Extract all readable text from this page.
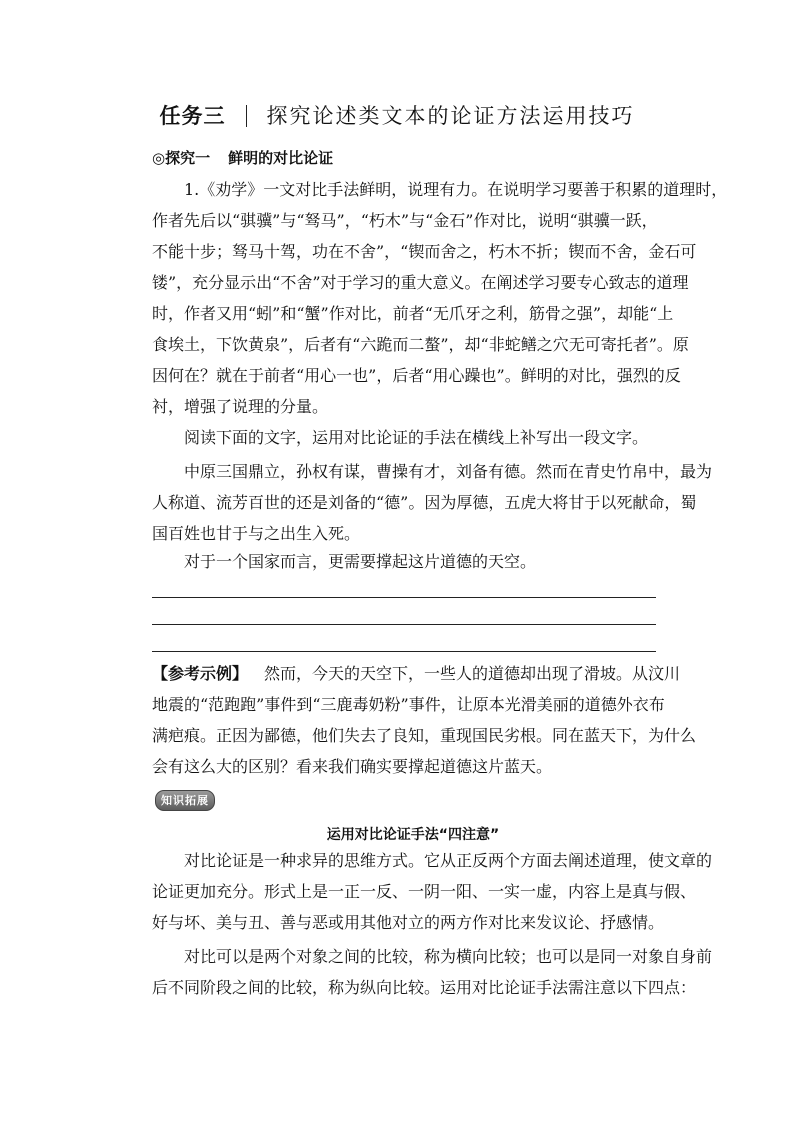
任务三 探究论述类文本的论证方法运用技巧
◎探究一 鲜明的对比论证

1.《劝学》一文对比手法鲜明，说理有力。在说明学习要善于积累的道理时，
作者先后以“骐骥”与“驽马”，“朽木”与“金石”作对比，说明“骐骥一跃，
不能十步；驽马十驾，功在不舍”，“锲而舍之，朽木不折；锲而不舍，金石可
镂”，充分显示出“不舍”对于学习的重大意义。在阐述学习要专心致志的道理
时，作者又用“蚓”和“蟹”作对比，前者“无爪牙之利，筋骨之强”，却能“上
食埃土，下饮黄泉”，后者有“六跪而二螯”，却“非蛇鳝之穴无可寄托者”。原
因何在？就在于前者“用心一也”，后者“用心躁也”。鲜明的对比，强烈的反
衬，增强了说理的分量。

阅读下面的文字，运用对比论证的手法在横线上补写出一段文字。

中原三国鼎立，孙权有谋，曹操有才，刘备有德。然而在青史竹帛中，最为
人称道、流芳百世的还是刘备的“德”。因为厚德，五虎大将甘于以死献命，蜀
国百姓也甘于与之出生入死。

对于一个国家而言，更需要撑起这片道德的天空。

【参考示例】 然而，今天的天空下，一些人的道德却出现了滑坡。从汶川
地震的“范跑跑”事件到“三鹿毒奶粉”事件，让原本光滑美丽的道德外衣布
满疤痕。正因为鄙德，他们失去了良知，重现国民劣根。同在蓝天下，为什么
会有这么大的区别？看来我们确实要撑起道德这片蓝天。

知识拓展
运用对比论证手法“四注意”

对比论证是一种求异的思维方式。它从正反两个方面去阐述道理，使文章的
论证更加充分。形式上是一正一反、一阴一阳、一实一虚，内容上是真与假、
好与坏、美与丑、善与恶或用其他对立的两方作对比来发议论、抒感情。

对比可以是两个对象之间的比较，称为横向比较；也可以是同一对象自身前
后不同阶段之间的比较，称为纵向比较。运用对比论证手法需注意以下四点：
